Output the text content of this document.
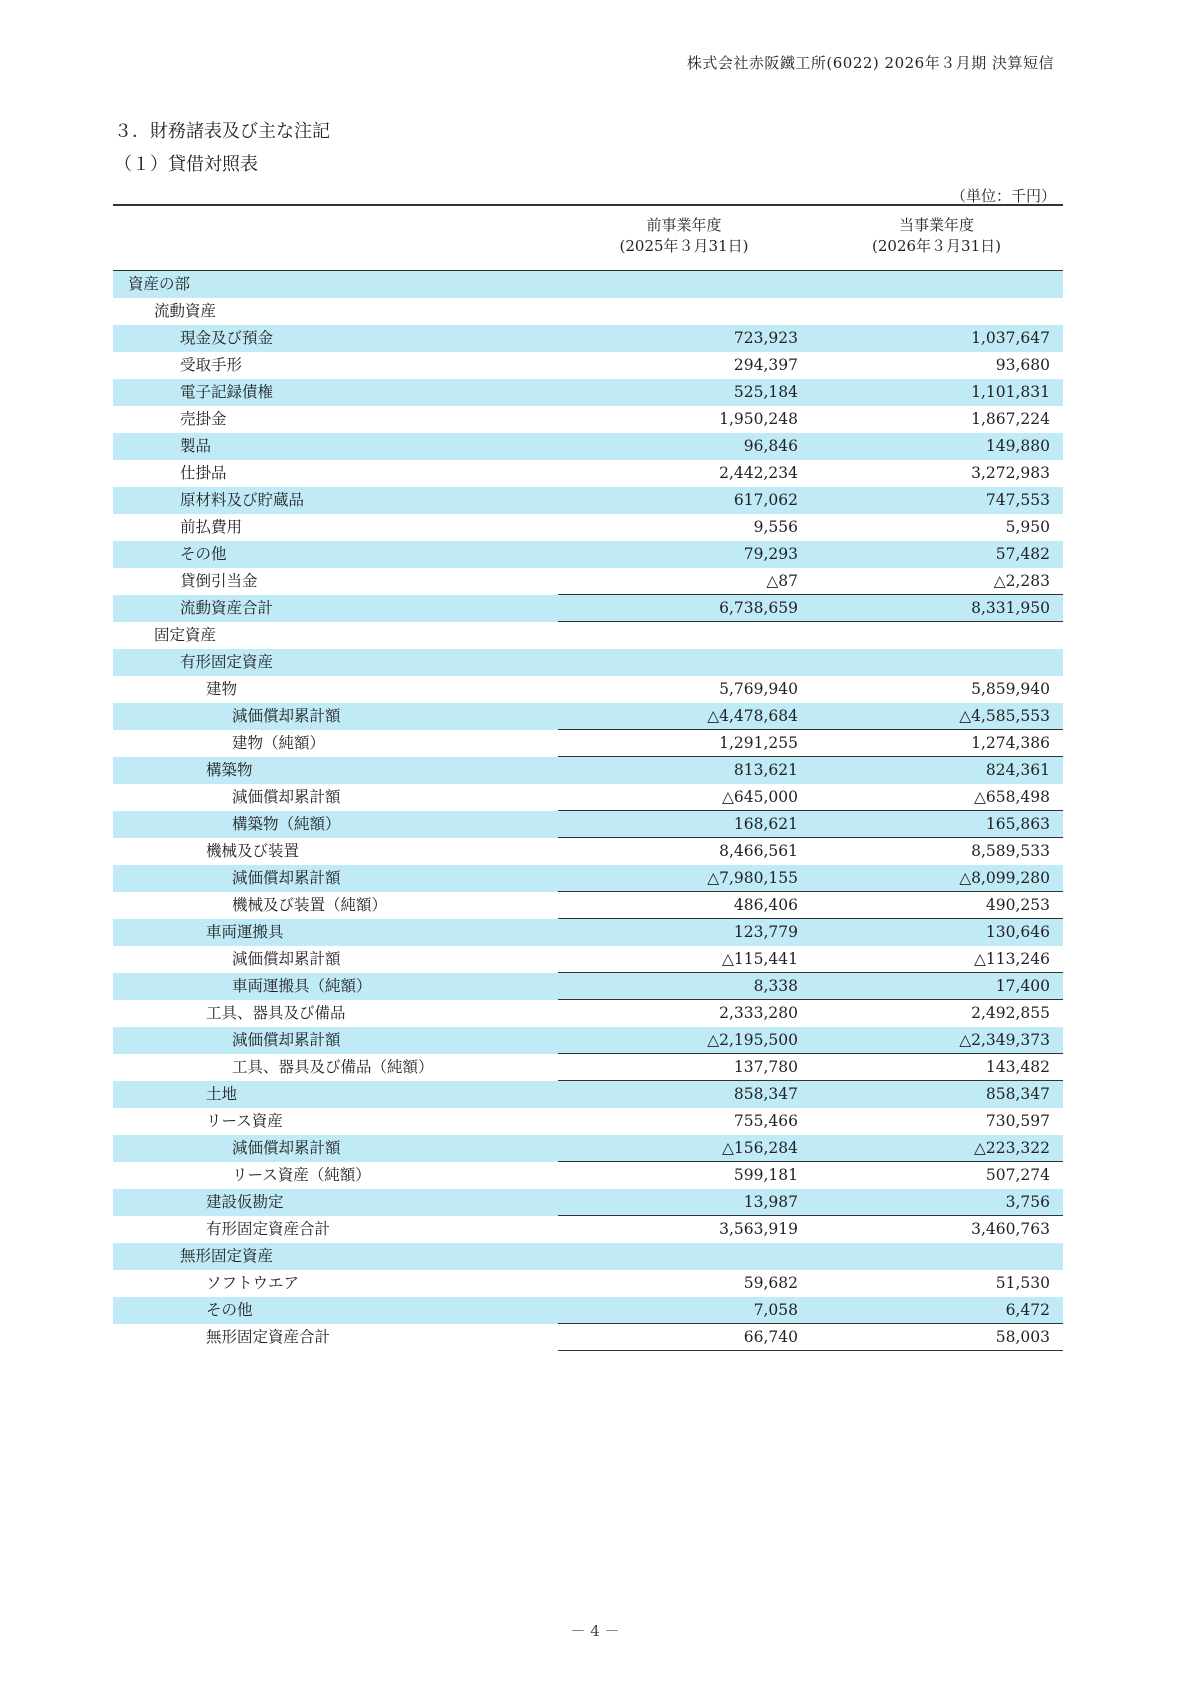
株式会社赤阪鐵工所(6022) 2026年３月期 決算短信
３．財務諸表及び主な注記
（１）貸借対照表
（単位：千円）
前事業年度
(2025年３月31日)
当事業年度
(2026年３月31日)
資産の部
流動資産
現金及び預金	723,923	1,037,647
受取手形	294,397	93,680
電子記録債権	525,184	1,101,831
売掛金	1,950,248	1,867,224
製品	96,846	149,880
仕掛品	2,442,234	3,272,983
原材料及び貯蔵品	617,062	747,553
前払費用	9,556	5,950
その他	79,293	57,482
貸倒引当金	△87	△2,283
流動資産合計	6,738,659	8,331,950
固定資産
有形固定資産
建物	5,769,940	5,859,940
減価償却累計額	△4,478,684	△4,585,553
建物（純額）	1,291,255	1,274,386
構築物	813,621	824,361
減価償却累計額	△645,000	△658,498
構築物（純額）	168,621	165,863
機械及び装置	8,466,561	8,589,533
減価償却累計額	△7,980,155	△8,099,280
機械及び装置（純額）	486,406	490,253
車両運搬具	123,779	130,646
減価償却累計額	△115,441	△113,246
車両運搬具（純額）	8,338	17,400
工具、器具及び備品	2,333,280	2,492,855
減価償却累計額	△2,195,500	△2,349,373
工具、器具及び備品（純額）	137,780	143,482
土地	858,347	858,347
リース資産	755,466	730,597
減価償却累計額	△156,284	△223,322
リース資産（純額）	599,181	507,274
建設仮勘定	13,987	3,756
有形固定資産合計	3,563,919	3,460,763
無形固定資産
ソフトウエア	59,682	51,530
その他	7,058	6,472
無形固定資産合計	66,740	58,003
－ 4 －
